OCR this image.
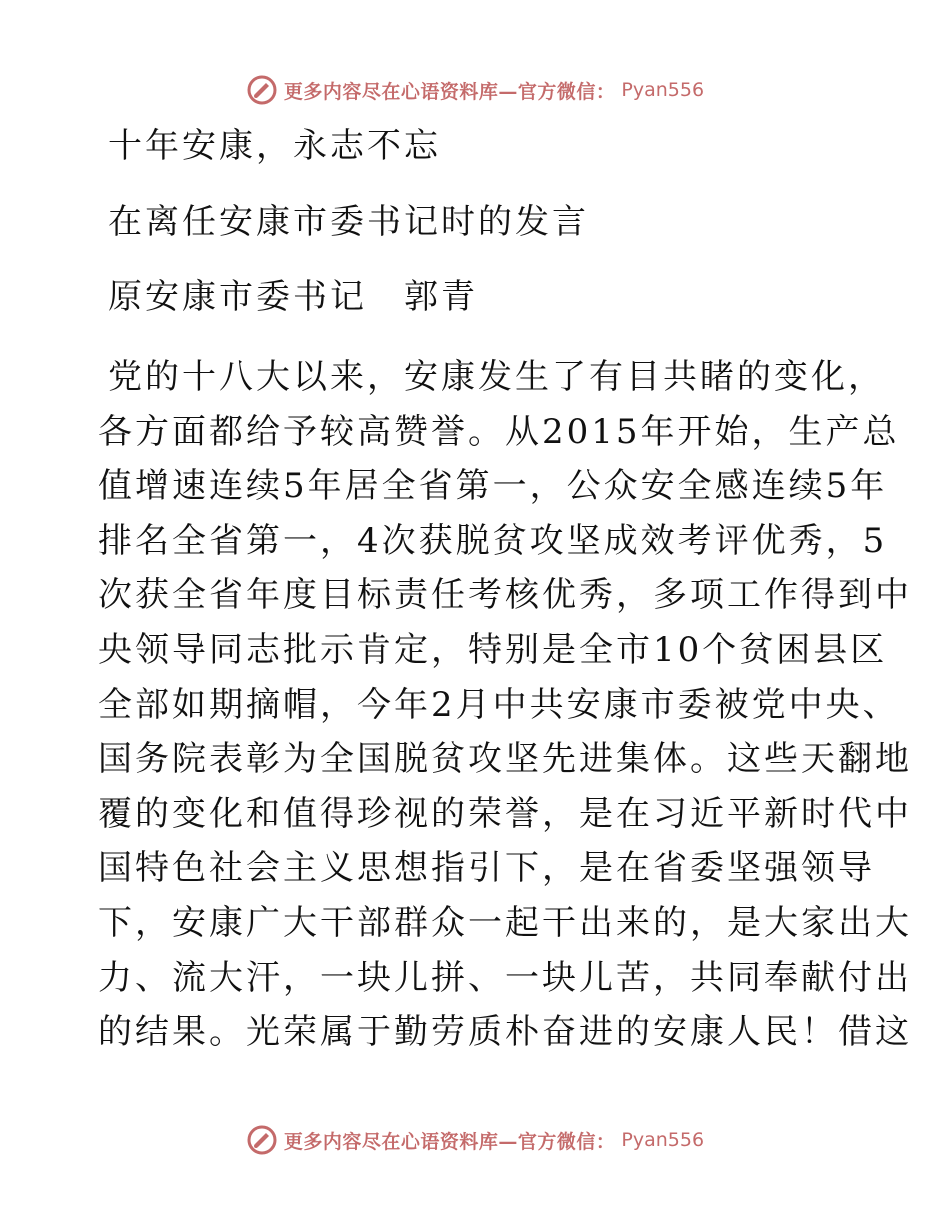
更多内容尽在心语资料库—官方微信： Pyan556

十年安康，永志不忘

在离任安康市委书记时的发言

原安康市委书记　郭青

党的十八大以来，安康发生了有目共睹的变化，

各方面都给予较高赞誉。从2015年开始，生产总

值增速连续5年居全省第一，公众安全感连续5年

排名全省第一，4次获脱贫攻坚成效考评优秀，5

次获全省年度目标责任考核优秀，多项工作得到中

央领导同志批示肯定，特别是全市10个贫困县区

全部如期摘帽，今年2月中共安康市委被党中央、

国务院表彰为全国脱贫攻坚先进集体。这些天翻地

覆的变化和值得珍视的荣誉，是在习近平新时代中

国特色社会主义思想指引下，是在省委坚强领导

下，安康广大干部群众一起干出来的，是大家出大

力、流大汗，一块儿拼、一块儿苦，共同奉献付出

的结果。光荣属于勤劳质朴奋进的安康人民！借这

更多内容尽在心语资料库—官方微信： Pyan556
